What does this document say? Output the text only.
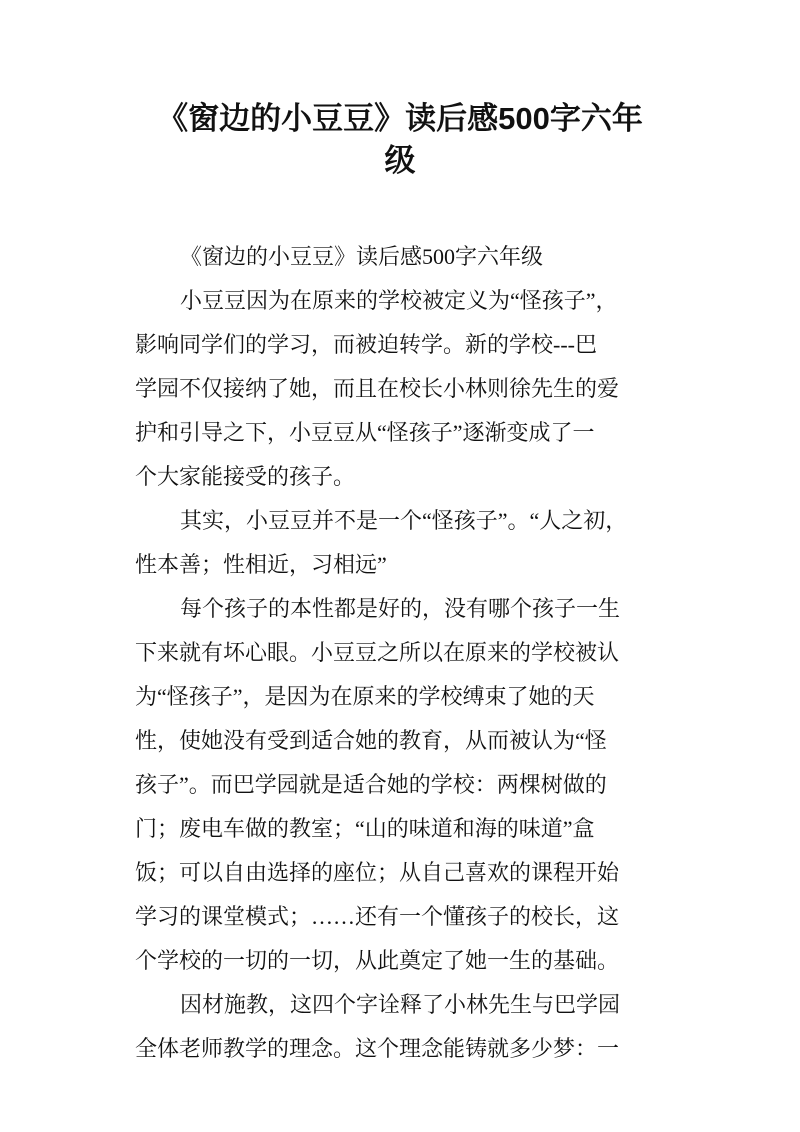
《窗边的小豆豆》读后感500字六年
级
《窗边的小豆豆》读后感500字六年级
小豆豆因为在原来的学校被定义为“怪孩子”，
影响同学们的学习，而被迫转学。新的学校---巴
学园不仅接纳了她，而且在校长小林则徐先生的爱
护和引导之下，小豆豆从“怪孩子”逐渐变成了一
个大家能接受的孩子。
其实，小豆豆并不是一个“怪孩子”。“人之初，
性本善；性相近，习相远”
每个孩子的本性都是好的，没有哪个孩子一生
下来就有坏心眼。小豆豆之所以在原来的学校被认
为“怪孩子”，是因为在原来的学校缚束了她的天
性，使她没有受到适合她的教育，从而被认为“怪
孩子”。而巴学园就是适合她的学校：两棵树做的
门；废电车做的教室；“山的味道和海的味道”盒
饭；可以自由选择的座位；从自己喜欢的课程开始
学习的课堂模式；……还有一个懂孩子的校长，这
个学校的一切的一切，从此奠定了她一生的基础。
因材施教，这四个字诠释了小林先生与巴学园
全体老师教学的理念。这个理念能铸就多少梦：一
